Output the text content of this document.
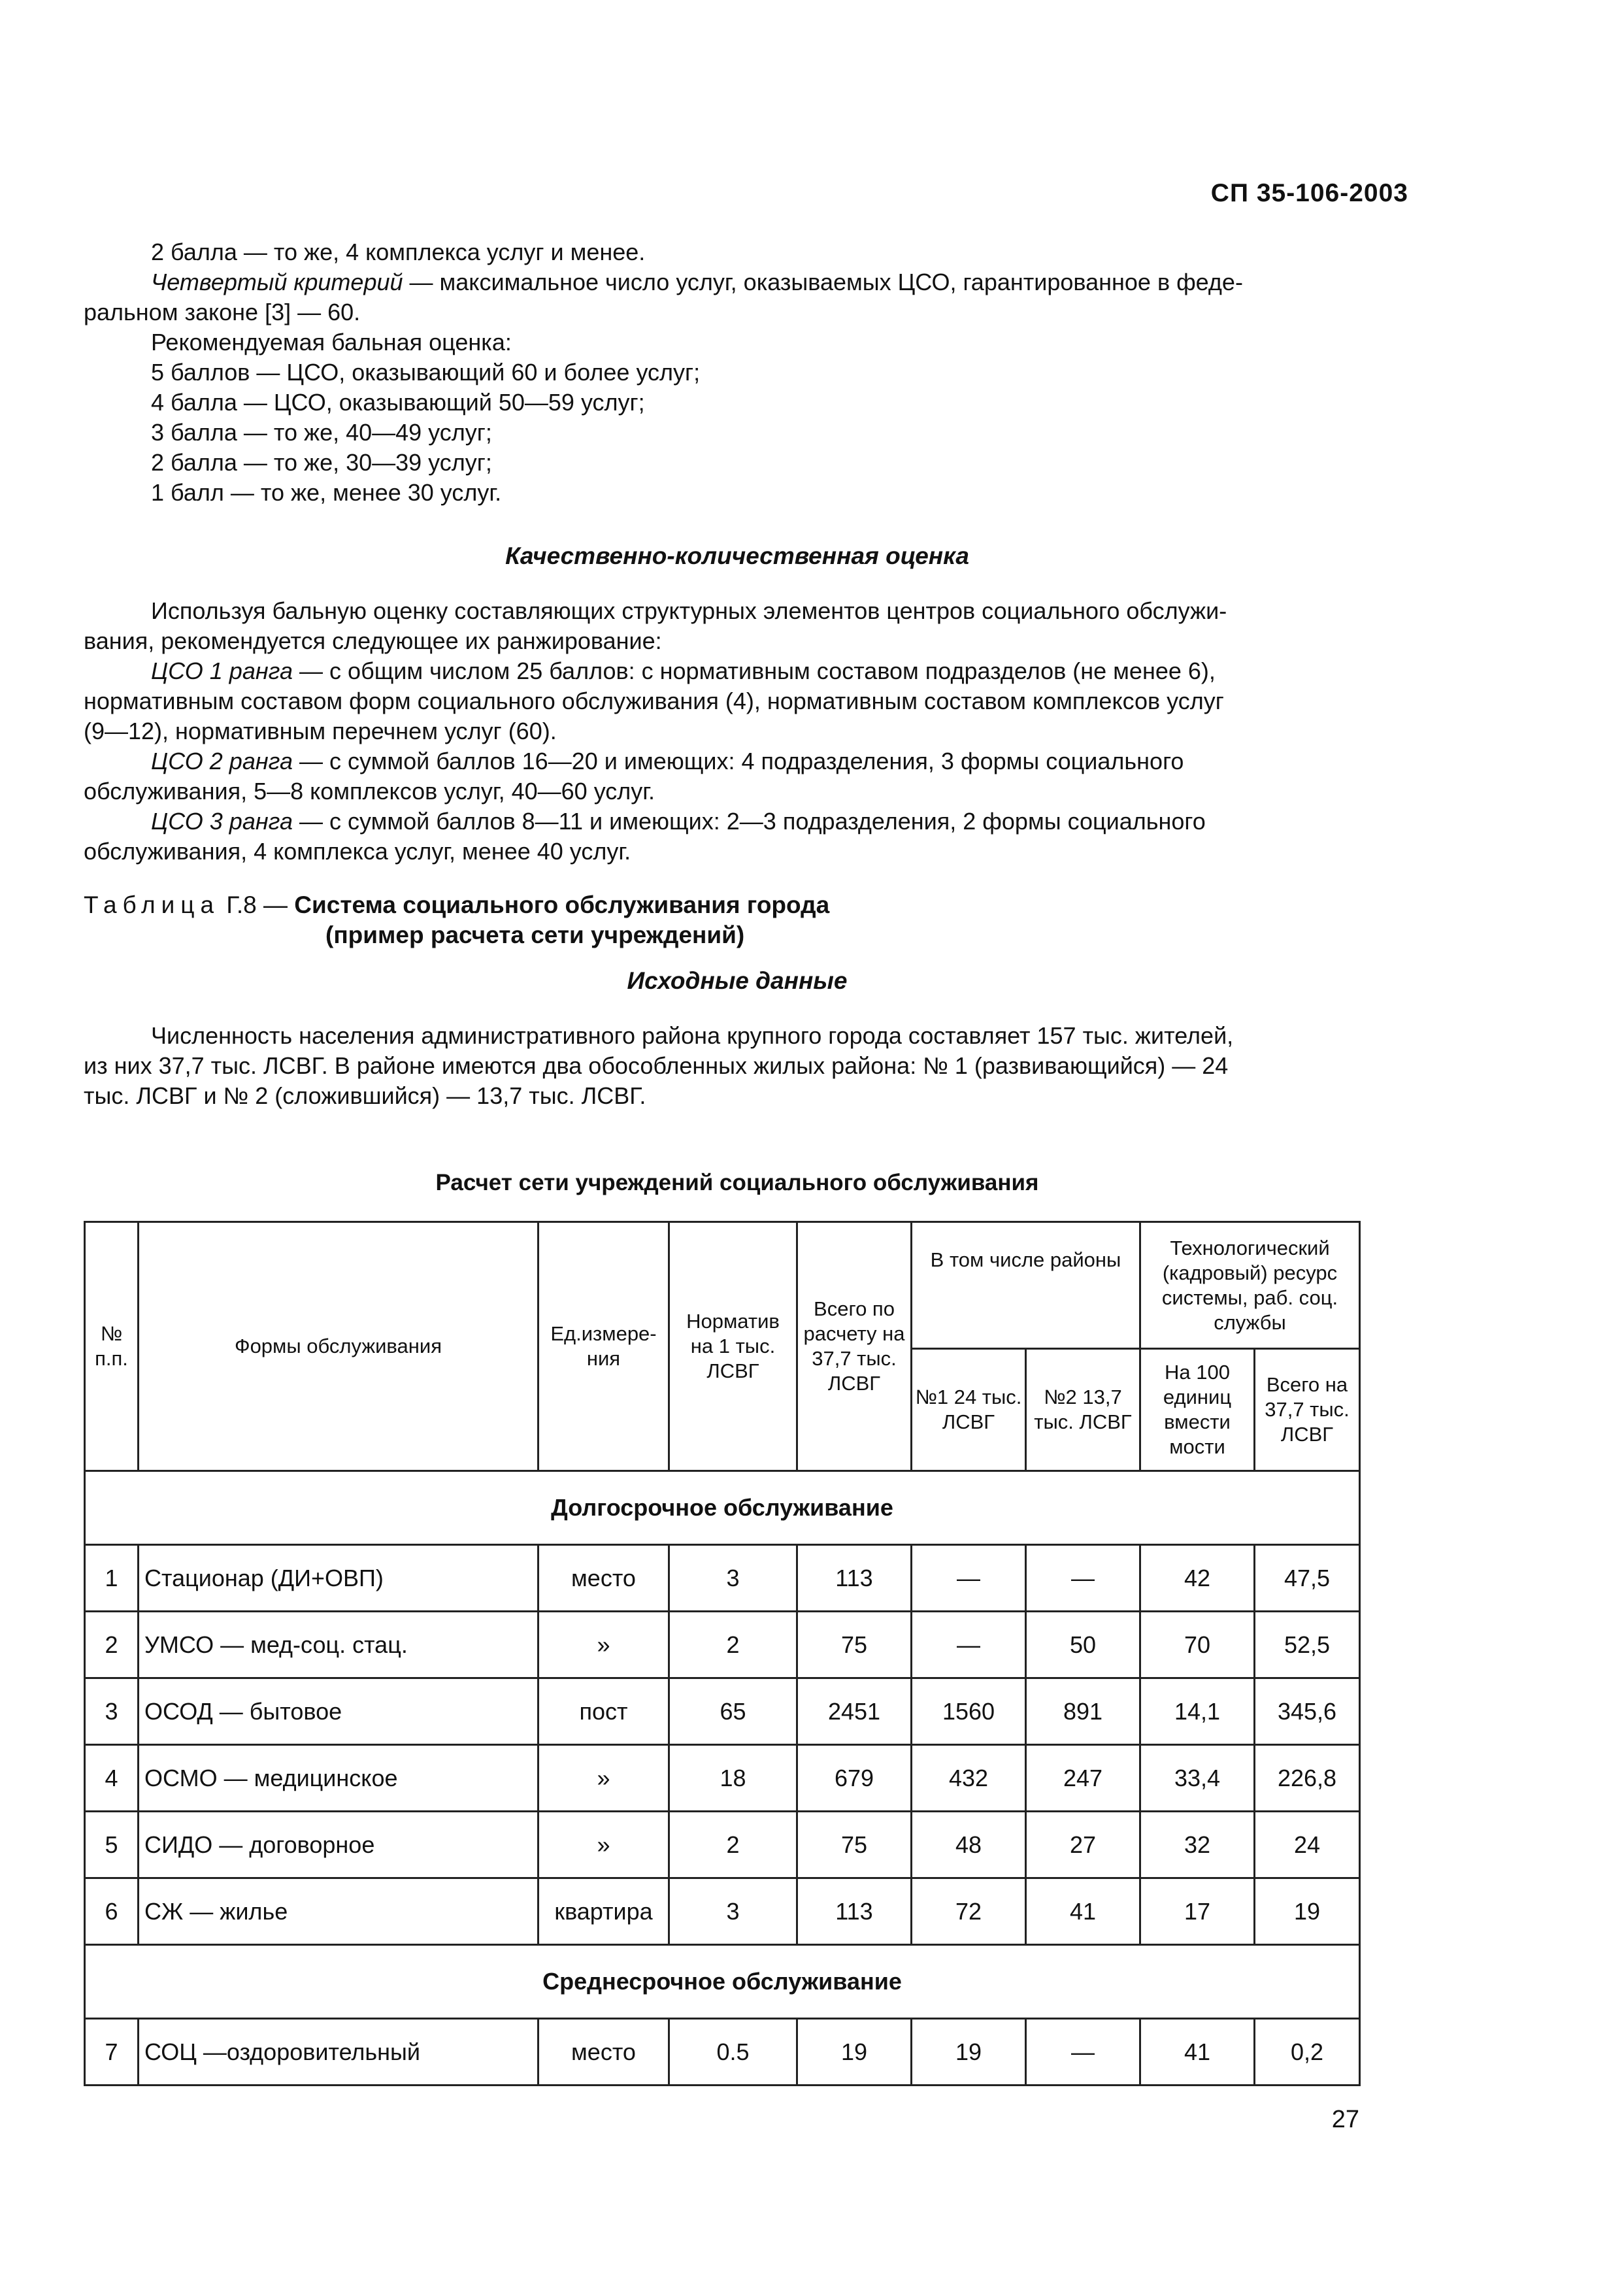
СП 35-106-2003

2 балла — то же, 4 комплекса услуг и менее.

Четвертый критерий — максимальное число услуг, оказываемых ЦСО, гарантированное в феде-
ральном законе [3] — 60.

Рекомендуемая бальная оценка:

5 баллов — ЦСО, оказывающий 60 и более услуг;

4 балла — ЦСО, оказывающий 50—59 услуг;

3 балла — то же, 40—49 услуг;

2 балла — то же, 30—39 услуг;

1 балл — то же, менее 30 услуг.

Качественно-количественная оценка

Используя бальную оценку составляющих структурных элементов центров социального обслужи-
вания, рекомендуется следующее их ранжирование:

ЦСО 1 ранга — с общим числом 25 баллов: с нормативным составом подразделов (не менее 6),
нормативным составом форм социального обслуживания (4), нормативным составом комплексов услуг
(9—12), нормативным перечнем услуг (60).

ЦСО 2 ранга — с суммой баллов 16—20 и имеющих: 4 подразделения, 3 формы социального
обслуживания, 5—8 комплексов услуг, 40—60 услуг.

ЦСО 3 ранга — с суммой баллов 8—11 и имеющих: 2—3 подразделения, 2 формы социального
обслуживания, 4 комплекса услуг, менее 40 услуг.

Таблица Г.8 — Система социального обслуживания города
(пример расчета сети учреждений)
Исходные данные

Численность населения административного района крупного города составляет 157 тыс. жителей,
из них 37,7 тыс. ЛСВГ. В районе имеются два обособленных жилых района: № 1 (развивающийся) — 24
тыс. ЛСВГ и № 2 (сложившийся) — 13,7 тыс. ЛСВГ.

Расчет сети учреждений социального обслуживания
№ п.п.	Формы обслуживания	Ед.измере-ния	Норматив на 1 тыс. ЛСВГ	Всего по расчету на 37,7 тыс. ЛСВГ	В том числе районы		Технологический (кадровый) ресурс системы, раб. соц. службы	
					№1 24 тыс. ЛСВГ	№2 13,7 тыс. ЛСВГ	На 100 единиц вмести мости	Всего на 37,7 тыс. ЛСВГ
Долгосрочное обслуживание								
1	Стационар (ДИ+ОВП)	место	3	113	—	—	42	47,5
2	УМСО — мед-соц. стац.	»	2	75	—	50	70	52,5
3	ОСОД — бытовое	пост	65	2451	1560	891	14,1	345,6
4	ОСМО — медицинское	»	18	679	432	247	33,4	226,8
5	СИДО — договорное	»	2	75	48	27	32	24
6	СЖ — жилье	квартира	3	113	72	41	17	19
Среднесрочное обслуживание								
7	СОЦ —оздоровительный	место	0.5	19	19	—	41	0,2
27
